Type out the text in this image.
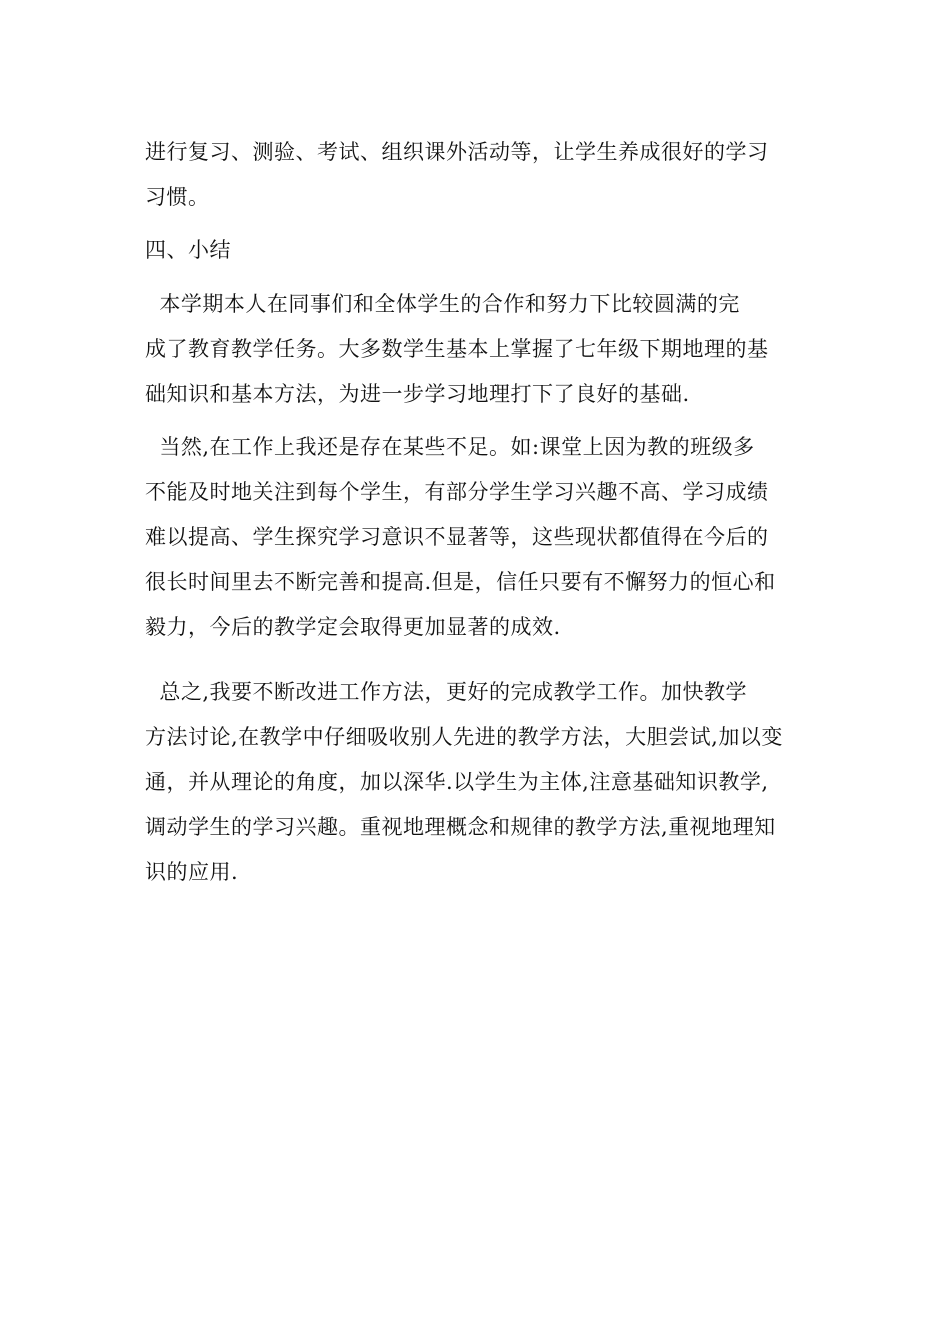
进行复习、测验、考试、组织课外活动等，让学生养成很好的学习
习惯。
四、小结
本学期本人在同事们和全体学生的合作和努力下比较圆满的完
成了教育教学任务。大多数学生基本上掌握了七年级下期地理的基
础知识和基本方法，为进一步学习地理打下了良好的基础.
当然,在工作上我还是存在某些不足。如:课堂上因为教的班级多
不能及时地关注到每个学生，有部分学生学习兴趣不高、学习成绩
难以提高、学生探究学习意识不显著等，这些现状都值得在今后的
很长时间里去不断完善和提高.但是，信任只要有不懈努力的恒心和
毅力，今后的教学定会取得更加显著的成效.
总之,我要不断改进工作方法，更好的完成教学工作。加快教学
方法讨论,在教学中仔细吸收别人先进的教学方法，大胆尝试,加以变
通，并从理论的角度，加以深华.以学生为主体,注意基础知识教学,
调动学生的学习兴趣。重视地理概念和规律的教学方法,重视地理知
识的应用.
